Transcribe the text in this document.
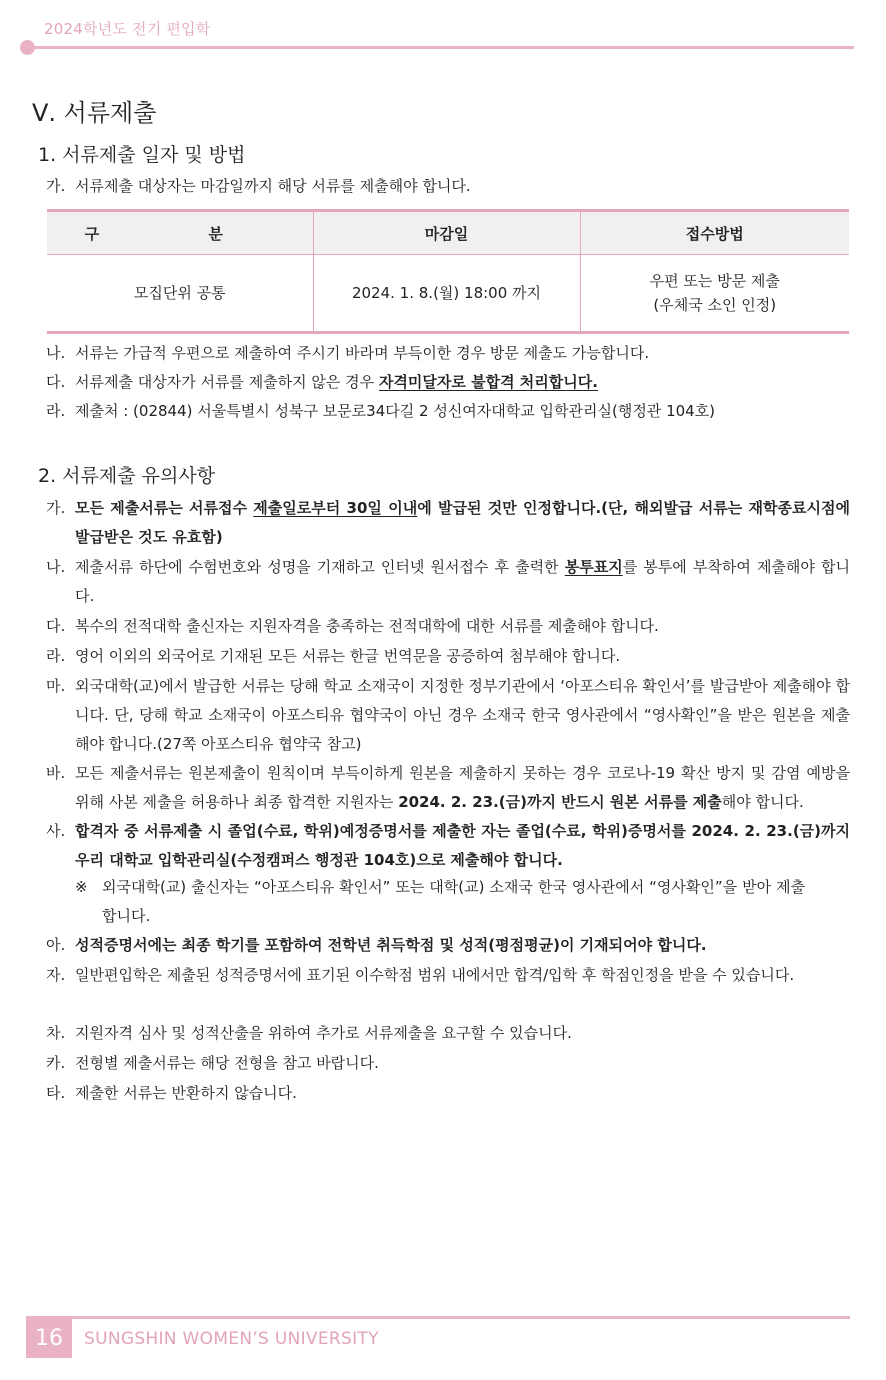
2024학년도 전기 편입학
Ⅴ. 서류제출
1. 서류제출 일자 및 방법
가. 서류제출 대상자는 마감일까지 해당 서류를 제출해야 합니다.
구 분	마감일	접수방법
모집단위 공통	2024. 1. 8.(월) 18:00 까지	우편 또는 방문 제출
(우체국 소인 인정)
나. 서류는 가급적 우편으로 제출하여 주시기 바라며 부득이한 경우 방문 제출도 가능합니다.
다. 서류제출 대상자가 서류를 제출하지 않은 경우 자격미달자로 불합격 처리합니다.
라. 제출처 : (02844) 서울특별시 성북구 보문로34다길 2 성신여자대학교 입학관리실(행정관 104호)
2. 서류제출 유의사항
가. 모든 제출서류는 서류접수 제출일로부터 30일 이내에 발급된 것만 인정합니다.(단, 해외발급 서류는 재학종료시점에 발급받은 것도 유효함)
나. 제출서류 하단에 수험번호와 성명을 기재하고 인터넷 원서접수 후 출력한 봉투표지를 봉투에 부착하여 제출해야 합니다.
다. 복수의 전적대학 출신자는 지원자격을 충족하는 전적대학에 대한 서류를 제출해야 합니다.
라. 영어 이외의 외국어로 기재된 모든 서류는 한글 번역문을 공증하여 첨부해야 합니다.
마. 외국대학(교)에서 발급한 서류는 당해 학교 소재국이 지정한 정부기관에서 ‘아포스티유 확인서’를 발급받아 제출해야 합니다. 단, 당해 학교 소재국이 아포스티유 협약국이 아닌 경우 소재국 한국 영사관에서 “영사확인”을 받은 원본을 제출해야 합니다.(27쪽 아포스티유 협약국 참고)
바. 모든 제출서류는 원본제출이 원칙이며 부득이하게 원본을 제출하지 못하는 경우 코로나-19 확산 방지 및 감염 예방을 위해 사본 제출을 허용하나 최종 합격한 지원자는 2024. 2. 23.(금)까지 반드시 원본 서류를 제출해야 합니다.
사. 합격자 중 서류제출 시 졸업(수료, 학위)예정증명서를 제출한 자는 졸업(수료, 학위)증명서를 2024. 2. 23.(금)까지 우리 대학교 입학관리실(수정캠퍼스 행정관 104호)으로 제출해야 합니다.
※ 외국대학(교) 출신자는 “아포스티유 확인서” 또는 대학(교) 소재국 한국 영사관에서 “영사확인”을 받아 제출합니다.
아. 성적증명서에는 최종 학기를 포함하여 전학년 취득학점 및 성적(평점평균)이 기재되어야 합니다.
자. 일반편입학은 제출된 성적증명서에 표기된 이수학점 범위 내에서만 합격/입학 후 학점인정을 받을 수 있습니다.
차. 지원자격 심사 및 성적산출을 위하여 추가로 서류제출을 요구할 수 있습니다.
카. 전형별 제출서류는 해당 전형을 참고 바랍니다.
타. 제출한 서류는 반환하지 않습니다.
16	SUNGSHIN WOMEN’S UNIVERSITY
